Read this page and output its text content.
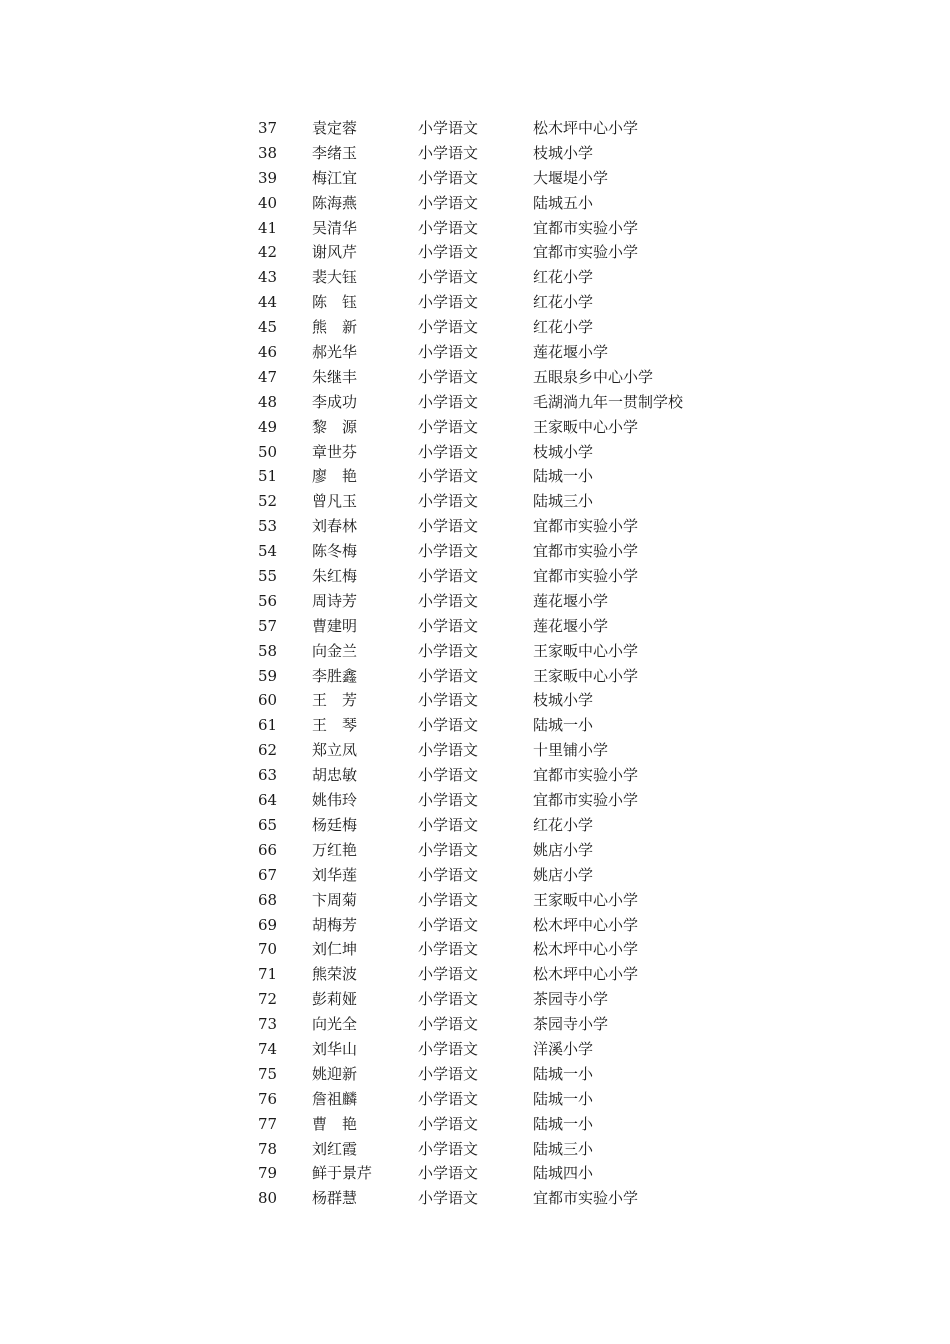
37	袁定蓉	小学语文	松木坪中心小学
38	李绪玉	小学语文	枝城小学
39	梅江宜	小学语文	大堰堤小学
40	陈海燕	小学语文	陆城五小
41	吴清华	小学语文	宜都市实验小学
42	谢风芹	小学语文	宜都市实验小学
43	裴大钰	小学语文	红花小学
44	陈　钰	小学语文	红花小学
45	熊　新	小学语文	红花小学
46	郝光华	小学语文	莲花堰小学
47	朱继丰	小学语文	五眼泉乡中心小学
48	李成功	小学语文	毛湖淌九年一贯制学校
49	黎　源	小学语文	王家畈中心小学
50	章世芬	小学语文	枝城小学
51	廖　艳	小学语文	陆城一小
52	曾凡玉	小学语文	陆城三小
53	刘春林	小学语文	宜都市实验小学
54	陈冬梅	小学语文	宜都市实验小学
55	朱红梅	小学语文	宜都市实验小学
56	周诗芳	小学语文	莲花堰小学
57	曹建明	小学语文	莲花堰小学
58	向金兰	小学语文	王家畈中心小学
59	李胜鑫	小学语文	王家畈中心小学
60	王　芳	小学语文	枝城小学
61	王　琴	小学语文	陆城一小
62	郑立凤	小学语文	十里铺小学
63	胡忠敏	小学语文	宜都市实验小学
64	姚伟玲	小学语文	宜都市实验小学
65	杨廷梅	小学语文	红花小学
66	万红艳	小学语文	姚店小学
67	刘华莲	小学语文	姚店小学
68	卞周菊	小学语文	王家畈中心小学
69	胡梅芳	小学语文	松木坪中心小学
70	刘仁坤	小学语文	松木坪中心小学
71	熊荣波	小学语文	松木坪中心小学
72	彭莉娅	小学语文	茶园寺小学
73	向光全	小学语文	茶园寺小学
74	刘华山	小学语文	洋溪小学
75	姚迎新	小学语文	陆城一小
76	詹祖麟	小学语文	陆城一小
77	曹　艳	小学语文	陆城一小
78	刘红霞	小学语文	陆城三小
79	鲜于景芹	小学语文	陆城四小
80	杨群慧	小学语文	宜都市实验小学
